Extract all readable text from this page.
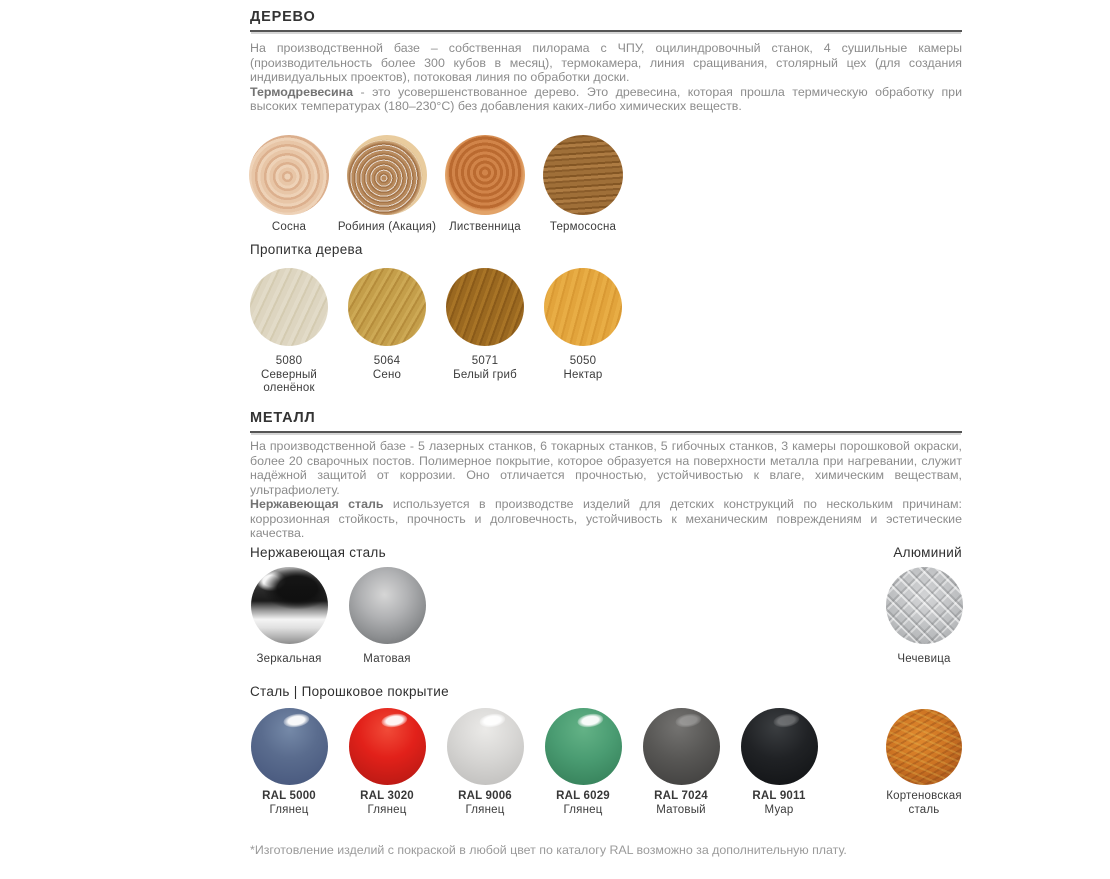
ДЕРЕВО

На производственной базе – собственная пилорама с ЧПУ, оцилиндровочный станок, 4 сушильные камеры (производительность более 300 кубов в месяц), термокамера, линия сращивания, столярный цех (для создания индивидуальных проектов), потоковая линия по обработки доски.

Термодревесина - это усовершенствованное дерево. Это древесина, которая прошла термическую обработку при высоких температурах (180–230°С) без добавления каких-либо химических веществ.

Сосна	Робиния (Акация)	Лиственница	Термососна
Пропитка дерева
5080
Северный оленёнок
5064
Сено
5071
Белый гриб
5050
Нектар
МЕТАЛЛ

На производственной базе - 5 лазерных станков, 6 токарных станков, 5 гибочных станков, 3 камеры порошковой окраски, более 20 сварочных постов. Полимерное покрытие, которое образуется на поверхности металла при нагревании, служит надёжной защитой от коррозии. Оно отличается прочностью, устойчивостью к влаге, химическим веществам, ультрафиолету.

Нержавеющая сталь используется в производстве изделий для детских конструкций по нескольким причинам: коррозионная стойкость, прочность и долговечность, устойчивость к механическим повреждениям и эстетические качества.

Нержавеющая сталь	Алюминий
Зеркальная	Матовая	Чечевица
Сталь | Порошковое покрытие
RAL 5000
Глянец
RAL 3020
Глянец
RAL 9006
Глянец
RAL 6029
Глянец
RAL 7024
Матовый
RAL 9011
Муар
Кортеновская
сталь
*Изготовление изделий с покраской в любой цвет по каталогу RAL возможно за дополнительную плату.
